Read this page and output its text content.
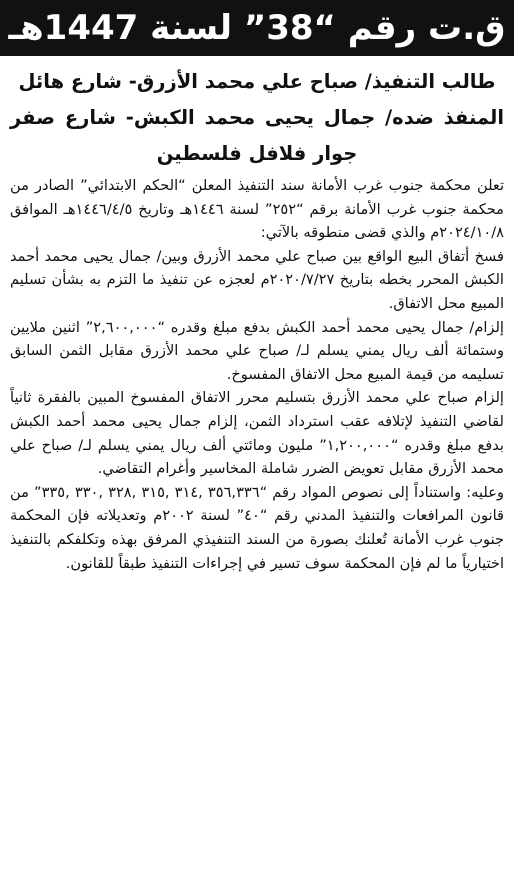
ق.ت رقم “38” لسنة 1447هـ

طالب التنفيذ/ صباح علي محمد الأزرق- شارع هائل

المنفذ ضده/ جمال يحيى محمد الكبش- شارع صفر جوار فلافل فلسطين

تعلن محكمة جنوب غرب الأمانة سند التنفيذ المعلن “الحكم الابتدائي” الصادر من محكمة جنوب غرب الأمانة برقم “٢٥٢” لسنة ١٤٤٦هـ وتاريخ ١٤٤٦/٤/٥هـ الموافق ٢٠٢٤/١٠/٨م والذي قضى منطوقه بالآتي:

فسخ أتفاق البيع الواقع بين صباح علي محمد الأزرق وبين/ جمال يحيى محمد أحمد الكبش المحرر بخطه بتاريخ ٢٠٢٠/٧/٢٧م لعجزه عن تنفيذ ما التزم به بشأن تسليم المبيع محل الاتفاق.

إلزام/ جمال يحيى محمد أحمد الكبش بدفع مبلغ وقدره “٢,٦٠٠,٠٠٠” اثنين ملايين وستمائة ألف ريال يمني يسلم لـ/ صباح علي محمد الأزرق مقابل الثمن السابق تسليمه من قيمة المبيع محل الاتفاق المفسوخ.

إلزام صباح علي محمد الأزرق بتسليم محرر الاتفاق المفسوخ المبين بالفقرة ثانياً لقاضي التنفيذ لإتلافه عقب استرداد الثمن، إلزام جمال يحيى محمد أحمد الكبش بدفع مبلغ وقدره “١,٢٠٠,٠٠٠” مليون ومائتي ألف ريال يمني يسلم لـ/ صباح علي محمد الأزرق مقابل تعويض الضرر شاملة المخاسير وأغرام التقاضي.

وعليه: واستناداً إلى نصوص المواد رقم “٣٥٦,٣٣٦ ,٣١٤ ,٣١٥ ,٣٢٨ ,٣٣٠ ,٣٣٥” من قانون المرافعات والتنفيذ المدني رقم “٤٠” لسنة ٢٠٠٢م وتعديلاته فإن المحكمة جنوب غرب الأمانة تُعلنك بصورة من السند التنفيذي المرفق بهذه وتكلفكم بالتنفيذ اختيارياً ما لم فإن المحكمة سوف تسير في إجراءات التنفيذ طبقاً للقانون.
